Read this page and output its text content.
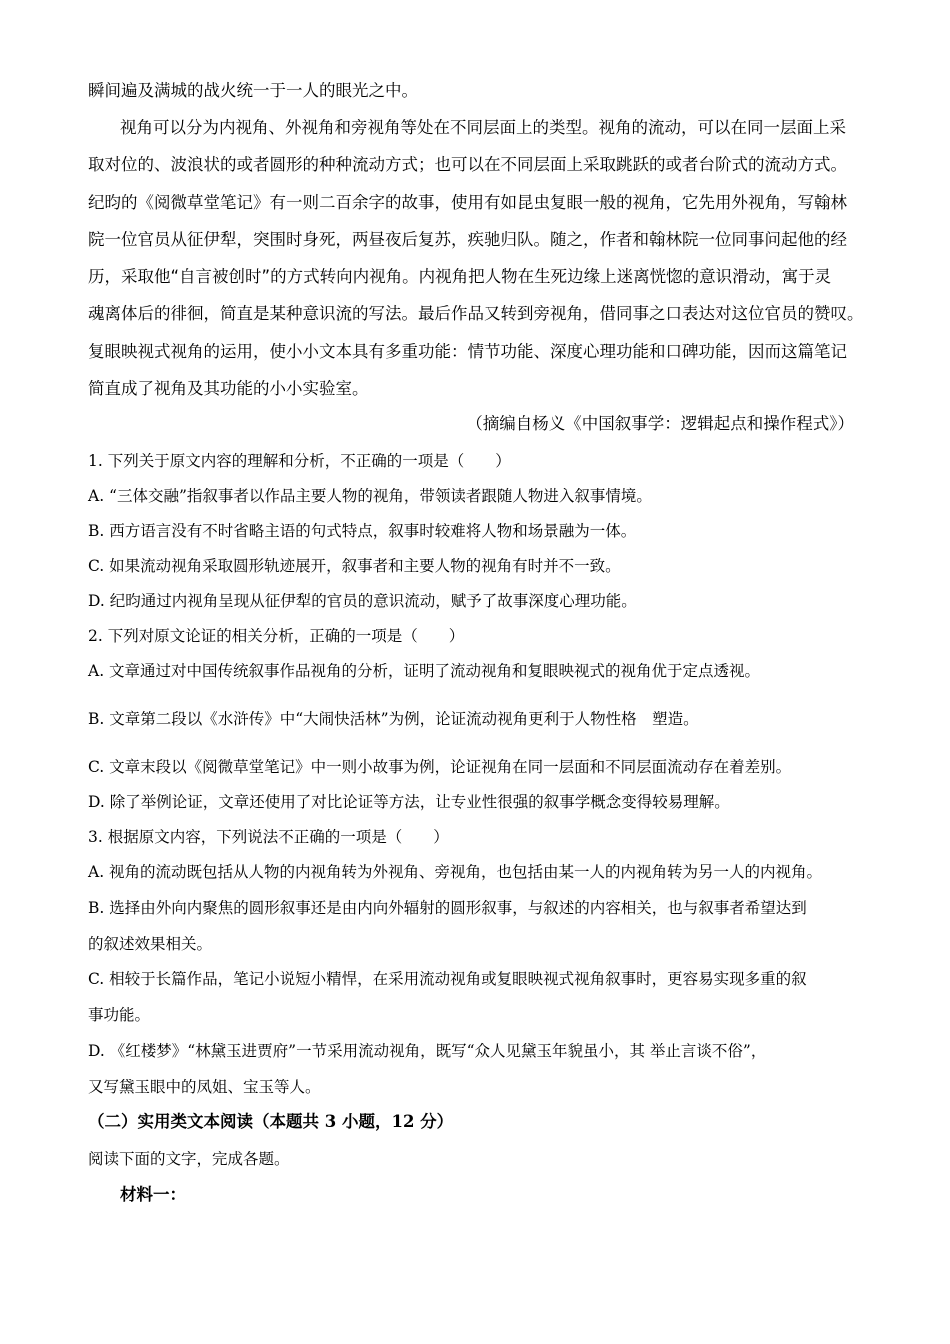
瞬间遍及满城的战火统一于一人的眼光之中。
视角可以分为内视角、外视角和旁视角等处在不同层面上的类型。视角的流动，可以在同一层面上采
取对位的、波浪状的或者圆形的种种流动方式；也可以在不同层面上采取跳跃的或者台阶式的流动方式。
纪昀的《阅微草堂笔记》有一则二百余字的故事，使用有如昆虫复眼一般的视角，它先用外视角，写翰林
院一位官员从征伊犁，突围时身死，两昼夜后复苏，疾驰归队。随之，作者和翰林院一位同事问起他的经
历，采取他“自言被创时”的方式转向内视角。内视角把人物在生死边缘上迷离恍惚的意识滑动，寓于灵
魂离体后的徘徊，简直是某种意识流的写法。最后作品又转到旁视角，借同事之口表达对这位官员的赞叹。
复眼映视式视角的运用，使小小文本具有多重功能：情节功能、深度心理功能和口碑功能，因而这篇笔记
简直成了视角及其功能的小小实验室。
（摘编自杨义《中国叙事学：逻辑起点和操作程式》）
1. 下列关于原文内容的理解和分析，不正确的一项是（　　）
A. “三体交融”指叙事者以作品主要人物的视角，带领读者跟随人物进入叙事情境。
B. 西方语言没有不时省略主语的句式特点，叙事时较难将人物和场景融为一体。
C. 如果流动视角采取圆形轨迹展开，叙事者和主要人物的视角有时并不一致。
D. 纪昀通过内视角呈现从征伊犁的官员的意识流动，赋予了故事深度心理功能。
2. 下列对原文论证的相关分析，正确的一项是（　　）
A. 文章通过对中国传统叙事作品视角的分析，证明了流动视角和复眼映视式的视角优于定点透视。
B. 文章第二段以《水浒传》中“大闹快活林”为例，论证流动视角更利于人物性格　塑造。
C. 文章末段以《阅微草堂笔记》中一则小故事为例，论证视角在同一层面和不同层面流动存在着差别。
D. 除了举例论证，文章还使用了对比论证等方法，让专业性很强的叙事学概念变得较易理解。
3. 根据原文内容，下列说法不正确的一项是（　　）
A. 视角的流动既包括从人物的内视角转为外视角、旁视角，也包括由某一人的内视角转为另一人的内视角。
B. 选择由外向内聚焦的圆形叙事还是由内向外辐射的圆形叙事，与叙述的内容相关，也与叙事者希望达到
的叙述效果相关。
C. 相较于长篇作品，笔记小说短小精悍，在采用流动视角或复眼映视式视角叙事时，更容易实现多重的叙
事功能。
D. 《红楼梦》“林黛玉进贾府”一节采用流动视角，既写“众人见黛玉年貌虽小，其 举止言谈不俗”，
又写黛玉眼中的凤姐、宝玉等人。
（二）实用类文本阅读（本题共 3 小题，12 分）
阅读下面的文字，完成各题。
材料一：
